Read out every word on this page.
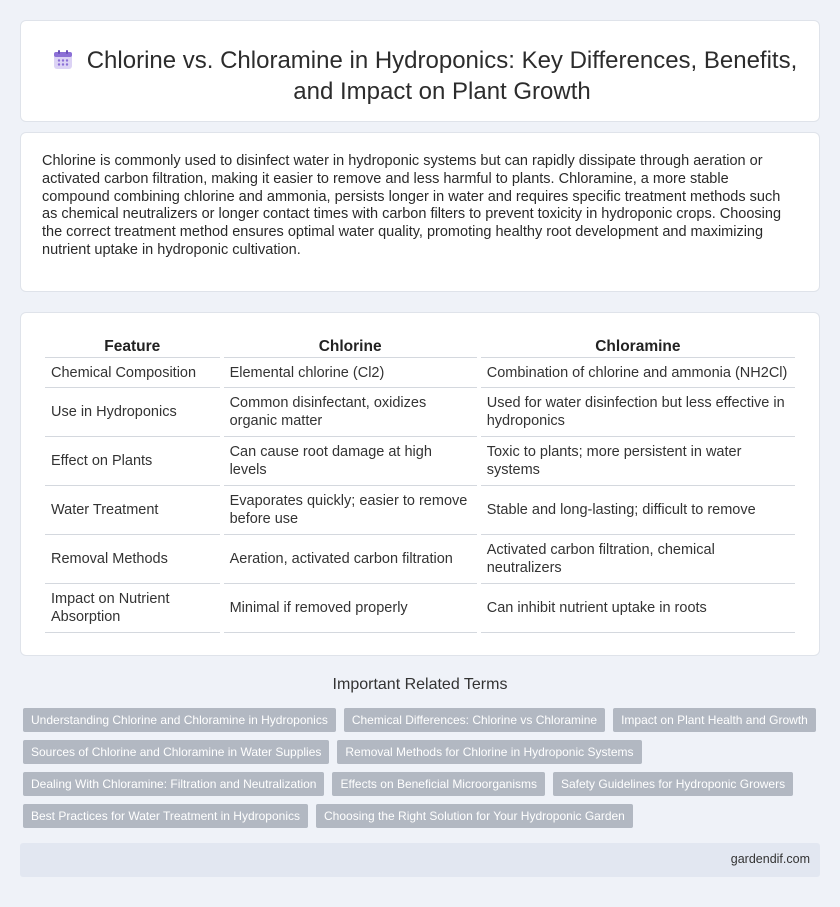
Chlorine vs. Chloramine in Hydroponics: Key Differences, Benefits, and Impact on Plant Growth

Chlorine is commonly used to disinfect water in hydroponic systems but can rapidly dissipate through aeration or activated carbon filtration, making it easier to remove and less harmful to plants. Chloramine, a more stable compound combining chlorine and ammonia, persists longer in water and requires specific treatment methods such as chemical neutralizers or longer contact times with carbon filters to prevent toxicity in hydroponic crops. Choosing the correct treatment method ensures optimal water quality, promoting healthy root development and maximizing nutrient uptake in hydroponic cultivation.

Feature	Chlorine	Chloramine
Chemical Composition	Elemental chlorine (Cl2)	Combination of chlorine and ammonia (NH2Cl)
Use in Hydroponics	Common disinfectant, oxidizes organic matter	Used for water disinfection but less effective in hydroponics
Effect on Plants	Can cause root damage at high levels	Toxic to plants; more persistent in water systems
Water Treatment	Evaporates quickly; easier to remove before use	Stable and long-lasting; difficult to remove
Removal Methods	Aeration, activated carbon filtration	Activated carbon filtration, chemical neutralizers
Impact on Nutrient Absorption	Minimal if removed properly	Can inhibit nutrient uptake in roots
Important Related Terms
Understanding Chlorine and Chloramine in Hydroponics	Chemical Differences: Chlorine vs Chloramine	Impact on Plant Health and Growth
Sources of Chlorine and Chloramine in Water Supplies	Removal Methods for Chlorine in Hydroponic Systems
Dealing With Chloramine: Filtration and Neutralization	Effects on Beneficial Microorganisms	Safety Guidelines for Hydroponic Growers
Best Practices for Water Treatment in Hydroponics	Choosing the Right Solution for Your Hydroponic Garden
gardendif.com
